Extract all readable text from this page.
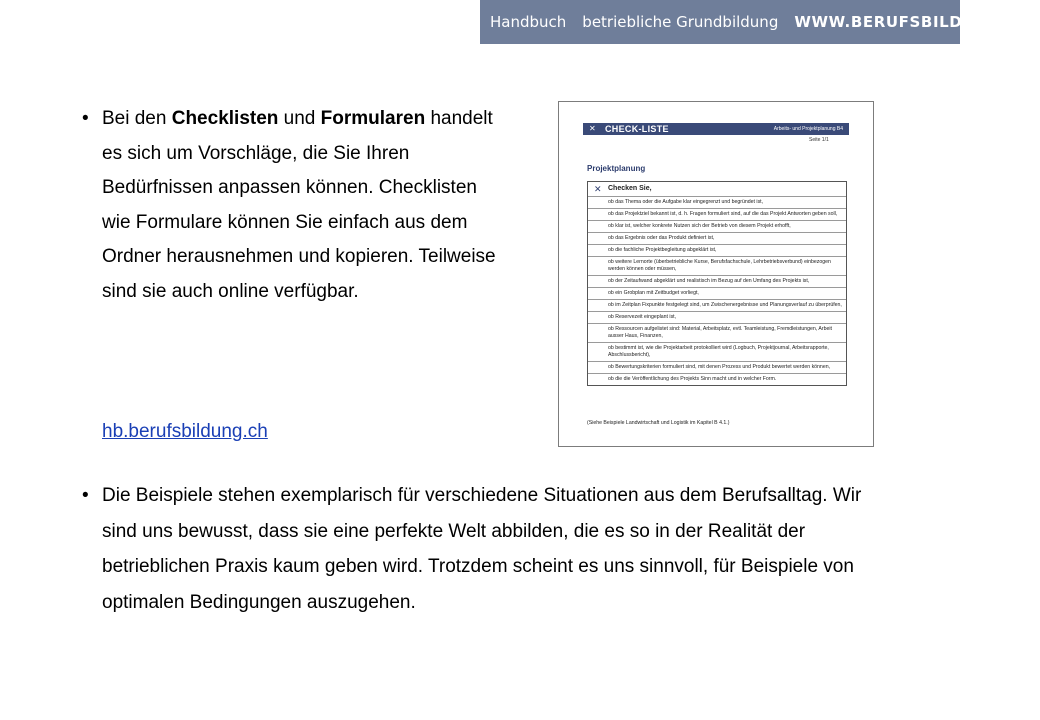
Handbuch	betriebliche Grundbildung	WWW.BERUFSBILDUNG.CH
• Bei den Checklisten und Formularen handelt es sich um Vorschläge, die Sie Ihren Bedürfnissen anpassen können. Checklisten wie Formulare können Sie einfach aus dem Ordner herausnehmen und kopieren. Teilweise sind sie auch online verfügbar.
hb.berufsbildung.ch
• Die Beispiele stehen exemplarisch für verschiedene Situationen aus dem Berufsalltag. Wir sind uns bewusst, dass sie eine perfekte Welt abbilden, die es so in der Realität der betrieblichen Praxis kaum geben wird. Trotzdem scheint es uns sinnvoll, für Beispiele von optimalen Bedingungen auszugehen.
✕ CHECK-LISTE	Arbeits- und Projektplanung B4
Seite 1/1
Projektplanung
✕ Checken Sie,
ob das Thema oder die Aufgabe klar eingegrenzt und begründet ist,
ob das Projektziel bekannt ist, d. h. Fragen formuliert sind, auf die das Projekt Antworten geben soll,
ob klar ist, welcher konkrete Nutzen sich der Betrieb von diesem Projekt erhofft,
ob das Ergebnis oder das Produkt definiert ist,
ob die fachliche Projektbegleitung abgeklärt ist,
ob weitere Lernorte (überbetriebliche Kurse, Berufsfachschule, Lehrbetriebsverbund) einbezogen werden können oder müssen,
ob der Zeitaufwand abgeklärt und realistisch im Bezug auf den Umfang des Projekts ist,
ob ein Grobplan mit Zeitbudget vorliegt,
ob im Zeitplan Fixpunkte festgelegt sind, um Zwischenergebnisse und Planungsverlauf zu überprüfen,
ob Reservezeit eingeplant ist,
ob Ressourcen aufgelistet sind: Material, Arbeitsplatz, evtl. Teamleistung, Fremdleistungen, Arbeit ausser Haus, Finanzen,
ob bestimmt ist, wie die Projektarbeit protokolliert wird (Logbuch, Projektjournal, Arbeitsrapporte, Abschlussbericht),
ob Bewertungskriterien formuliert sind, mit denen Prozess und Produkt bewertet werden können,
ob die die Veröffentlichung des Projekts Sinn macht und in welcher Form.
(Siehe Beispiele Landwirtschaft und Logistik im Kapitel B 4.1.)
